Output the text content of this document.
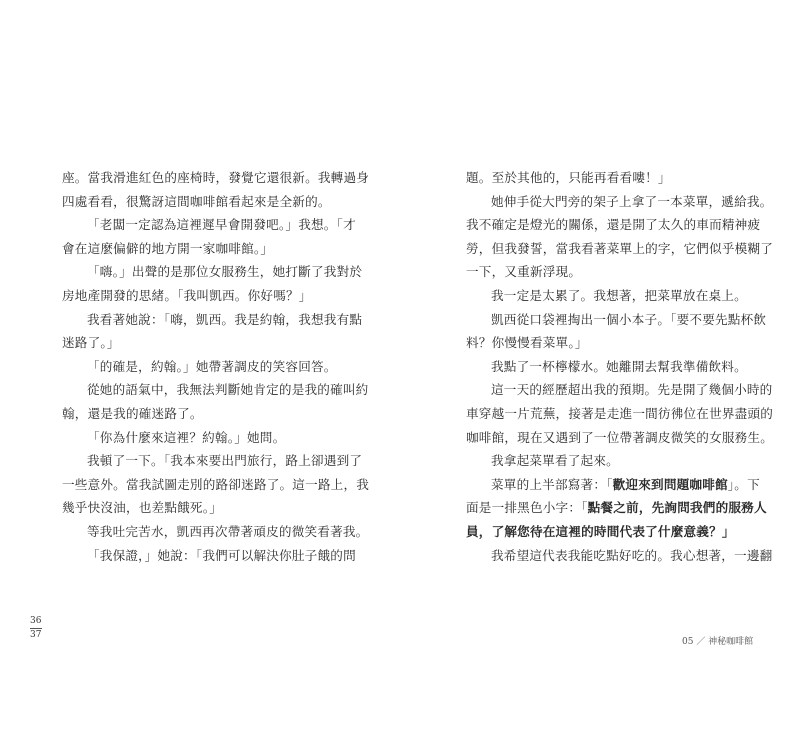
座。當我滑進紅色的座椅時，發覺它還很新。我轉過身
四處看看，很驚訝這間咖啡館看起來是全新的。
「老闆一定認為這裡遲早會開發吧。」我想。「才
會在這麼偏僻的地方開一家咖啡館。」
「嗨。」出聲的是那位女服務生，她打斷了我對於
房地產開發的思緒。「我叫凱西。你好嗎？」
我看著她說：「嗨，凱西。我是約翰，我想我有點
迷路了。」
「的確是，約翰。」她帶著調皮的笑容回答。
從她的語氣中，我無法判斷她肯定的是我的確叫約
翰，還是我的確迷路了。
「你為什麼來這裡？約翰。」她問。
我頓了一下。「我本來要出門旅行，路上卻遇到了
一些意外。當我試圖走別的路卻迷路了。這一路上，我
幾乎快沒油，也差點餓死。」
等我吐完苦水，凱西再次帶著頑皮的微笑看著我。
「我保證，」她說：「我們可以解決你肚子餓的問
題。至於其他的，只能再看看嘍！」
她伸手從大門旁的架子上拿了一本菜單，遞給我。
我不確定是燈光的關係，還是開了太久的車而精神疲
勞，但我發誓，當我看著菜單上的字，它們似乎模糊了
一下，又重新浮現。
我一定是太累了。我想著，把菜單放在桌上。
凱西從口袋裡掏出一個小本子。「要不要先點杯飲
料？你慢慢看菜單。」
我點了一杯檸檬水。她離開去幫我準備飲料。
這一天的經歷超出我的預期。先是開了幾個小時的
車穿越一片荒蕪，接著是走進一間彷彿位在世界盡頭的
咖啡館，現在又遇到了一位帶著調皮微笑的女服務生。
我拿起菜單看了起來。
菜單的上半部寫著：「歡迎來到問題咖啡館」。下
面是一排黑色小字：「點餐之前，先詢問我們的服務人
員，了解您待在這裡的時間代表了什麼意義？」
我希望這代表我能吃點好吃的。我心想著，一邊翻
36
37
05 ／ 神秘咖啡館
